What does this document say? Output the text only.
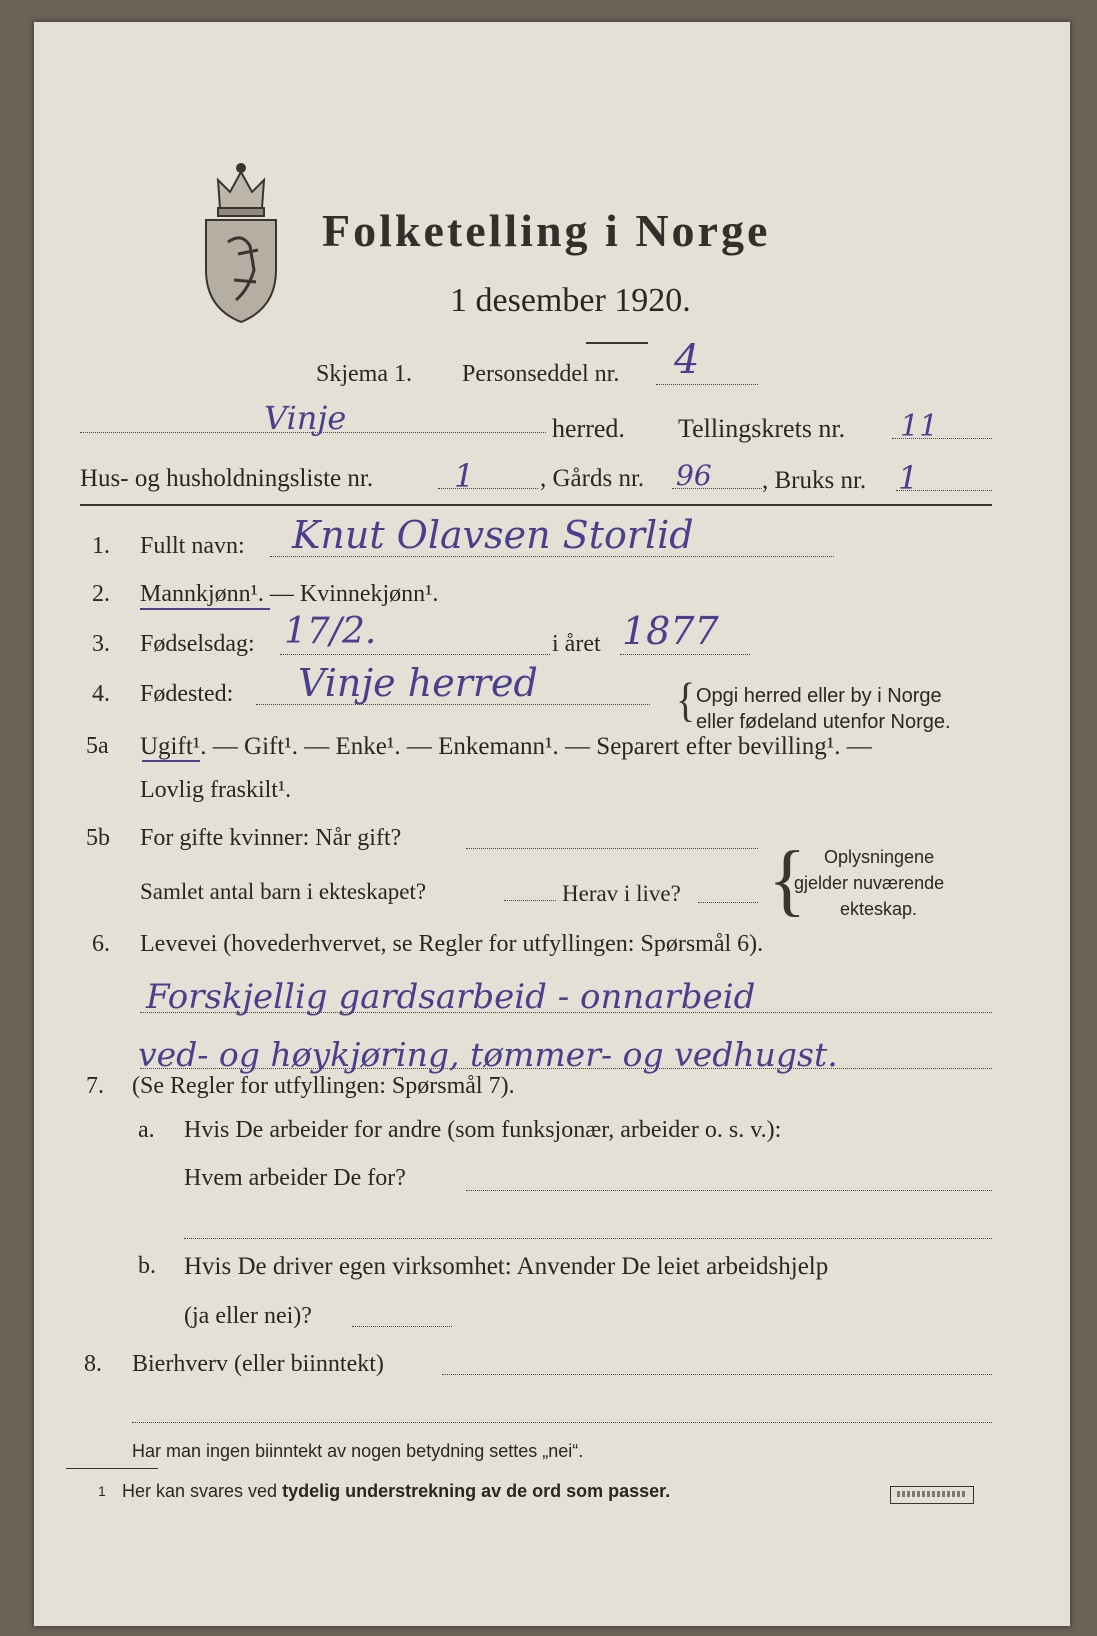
Folketelling i Norge
1 desember 1920.
Skjema 1. Personseddel nr. 4
Vinje	herred. Tellingskrets nr. 11
Hus- og husholdningsliste nr.	1	, Gårds nr. 96 , Bruks nr. 1
1. Fullt navn: Knut Olavsen Storlid
2. Mannkjønn¹. — Kvinnekjønn¹.
3. Fødselsdag: 17/2.	i året 1877
4. Fødested: Vinje herred	{ Opgi herred eller by i Norge
eller fødeland utenfor Norge.
5a Ugift¹. — Gift¹. — Enke¹. — Enkemann¹. — Separert efter bevilling¹. —
Lovlig fraskilt¹.
5b For gifte kvinner: Når gift?
Samlet antal barn i ekteskapet?	Herav i live? { Oplysningene
gjelder nuværende
ekteskap.
6. Levevei (hovederhvervet, se Regler for utfyllingen: Spørsmål 6).
Forskjellig gardsarbeid - onnarbeid
ved- og høykjøring, tømmer- og vedhugst.
7. (Se Regler for utfyllingen: Spørsmål 7).
a. Hvis De arbeider for andre (som funksjonær, arbeider o. s. v.):
Hvem arbeider De for?
b. Hvis De driver egen virksomhet: Anvender De leiet arbeidshjelp
(ja eller nei)?
8. Bierhverv (eller biinntekt)
Har man ingen biinntekt av nogen betydning settes „nei“.
1 Her kan svares ved tydelig understrekning av de ord som passer.
